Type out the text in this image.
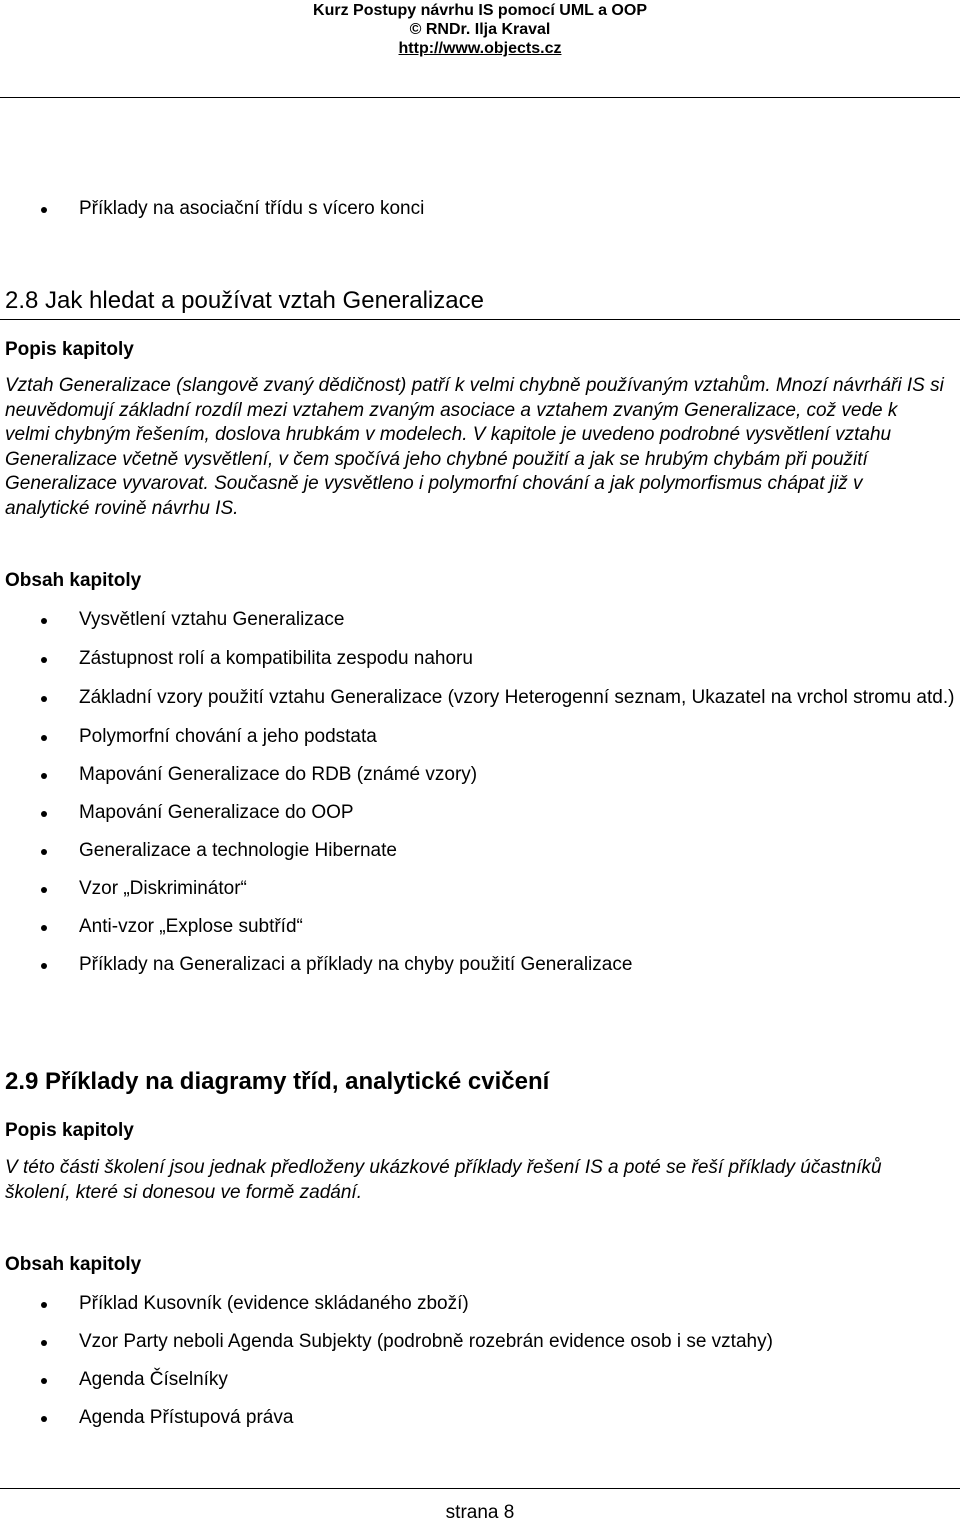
Kurz Postupy návrhu IS pomocí UML a OOP
© RNDr. Ilja Kraval
http://www.objects.cz
Příklady na asociační třídu s vícero konci
2.8 Jak hledat a používat vztah Generalizace
Popis kapitoly
Vztah Generalizace (slangově zvaný dědičnost) patří k velmi chybně používaným vztahům. Mnozí návrháři IS si neuvědomují základní rozdíl mezi vztahem zvaným asociace a vztahem zvaným Generalizace, což vede k velmi chybným řešením, doslova hrubkám v modelech. V kapitole je uvedeno podrobné vysvětlení vztahu Generalizace včetně vysvětlení, v čem spočívá jeho chybné použití a jak se hrubým chybám při použití Generalizace vyvarovat. Současně je vysvětleno i polymorfní chování a jak polymorfismus chápat již v analytické rovině návrhu IS.
Obsah kapitoly
Vysvětlení vztahu Generalizace
Zástupnost rolí a kompatibilita zespodu nahoru
Základní vzory použití vztahu Generalizace (vzory Heterogenní seznam, Ukazatel na vrchol stromu atd.)
Polymorfní chování a jeho podstata
Mapování Generalizace do RDB (známé vzory)
Mapování Generalizace do OOP
Generalizace a technologie Hibernate
Vzor „Diskriminátor“
Anti-vzor „Explose subtříd“
Příklady na Generalizaci a příklady na chyby použití Generalizace
2.9 Příklady na diagramy tříd, analytické cvičení
Popis kapitoly
V této části školení jsou jednak předloženy ukázkové příklady řešení IS a poté se řeší příklady účastníků školení, které si donesou ve formě zadání.
Obsah kapitoly
Příklad Kusovník (evidence skládaného zboží)
Vzor Party neboli Agenda Subjekty (podrobně rozebrán evidence osob i se vztahy)
Agenda Číselníky
Agenda Přístupová práva
strana 8
